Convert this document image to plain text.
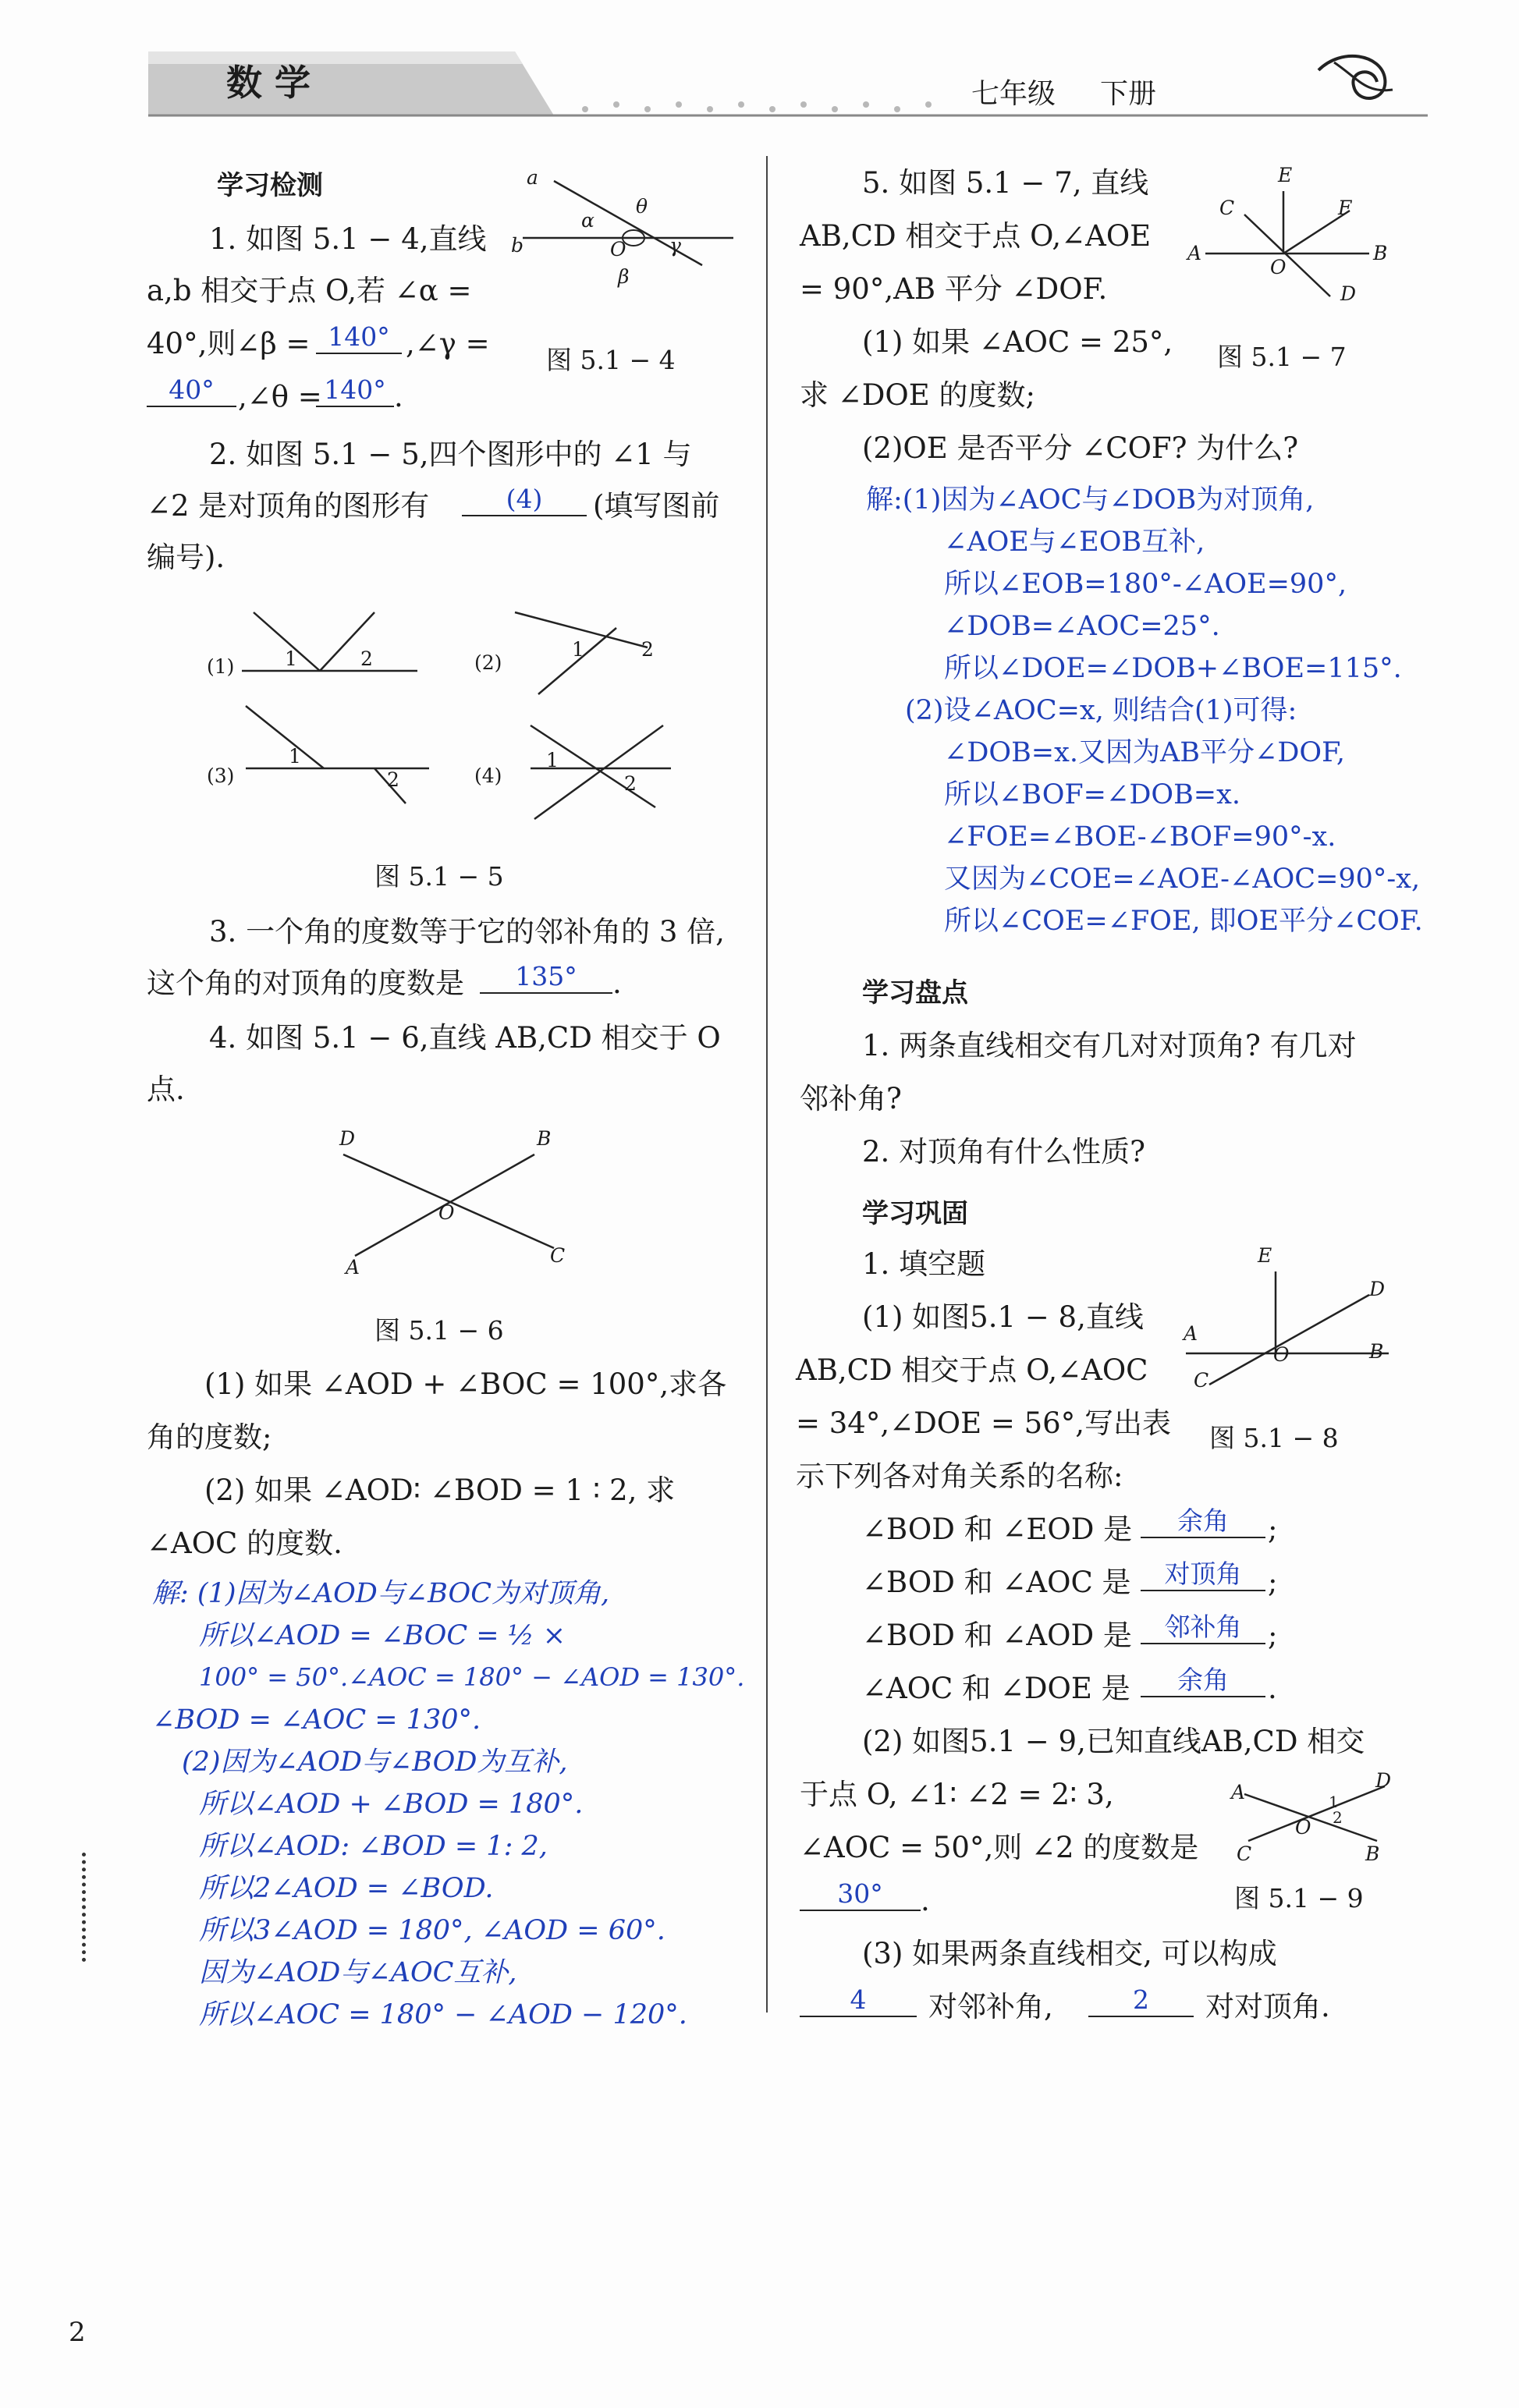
数 学	七年级 下册
学习检测
1. 如图 5.1 − 4,直线
a,b 相交于点 O,若 ∠α =
40°,则∠β = 140° ,∠γ =
40° ,∠θ = 140° .
a
b
α
θ
O γ
β
图 5.1 − 4
2. 如图 5.1 − 5,四个图形中的 ∠1 与
∠2 是对顶角的图形有	(4)	(填写图前
编号).
(1)	(2)
(3)	(4)
1	2	1	2
1
2
1
2
图 5.1 − 5
3. 一个角的度数等于它的邻补角的 3 倍,
这个角的对顶角的度数是	135°	.
4. 如图 5.1 − 6,直线 AB,CD 相交于 O
点.
D	B
O
A
C
图 5.1 − 6
(1) 如果 ∠AOD + ∠BOC = 100°,求各
角的度数;
(2) 如果 ∠AOD∶ ∠BOD = 1 ∶ 2, 求
∠AOC 的度数.
解: (1)因为∠AOD与∠BOC为对顶角,
所以∠AOD = ∠BOC = ½ ×
100° = 50°.∠AOC = 180° − ∠AOD = 130°.
∠BOD = ∠AOC = 130°.
(2)因为∠AOD与∠BOD为互补,
所以∠AOD + ∠BOD = 180°.
所以∠AOD: ∠BOD = 1: 2,
所以2∠AOD = ∠BOD.
所以3∠AOD = 180°, ∠AOD = 60°.
因为∠AOD与∠AOC互补,
所以∠AOC = 180° − ∠AOD − 120°.
5. 如图 5.1 − 7, 直线
AB,CD 相交于点 O,∠AOE
= 90°,AB 平分 ∠DOF.
(1) 如果 ∠AOC = 25°,
求 ∠DOE 的度数;
(2)OE 是否平分 ∠COF? 为什么?
E
C	F
A	B
O
D
图 5.1 − 7
解:(1)因为∠AOC与∠DOB为对顶角,
∠AOE与∠EOB互补,
所以∠EOB=180°-∠AOE=90°,
∠DOB=∠AOC=25°.
所以∠DOE=∠DOB+∠BOE=115°.
(2)设∠AOC=x, 则结合(1)可得:
∠DOB=x.又因为AB平分∠DOF,
所以∠BOF=∠DOB=x.
∠FOE=∠BOE-∠BOF=90°-x.
又因为∠COE=∠AOE-∠AOC=90°-x,
所以∠COE=∠FOE, 即OE平分∠COF.
学习盘点
1. 两条直线相交有几对对顶角? 有几对
邻补角?
2. 对顶角有什么性质?
学习巩固
1. 填空题
(1) 如图5.1 − 8,直线
AB,CD 相交于点 O,∠AOC
= 34°,∠DOE = 56°,写出表
示下列各对角关系的名称:
E
D
A
B
C
O
图 5.1 − 8
∠BOD 和 ∠EOD 是	余角	;
∠BOD 和 ∠AOC 是	对顶角 ;
∠BOD 和 ∠AOD 是	邻补角 ;
∠AOC 和 ∠DOE 是	余角	.
(2) 如图5.1 − 9,已知直线AB,CD 相交
于点 O, ∠1∶ ∠2 = 2∶ 3,
∠AOC = 50°,则 ∠2 的度数是
30°	.
A
D
O
1
2
C	B
图 5.1 − 9
(3) 如果两条直线相交, 可以构成
4	对邻补角,	2	对对顶角.
2
